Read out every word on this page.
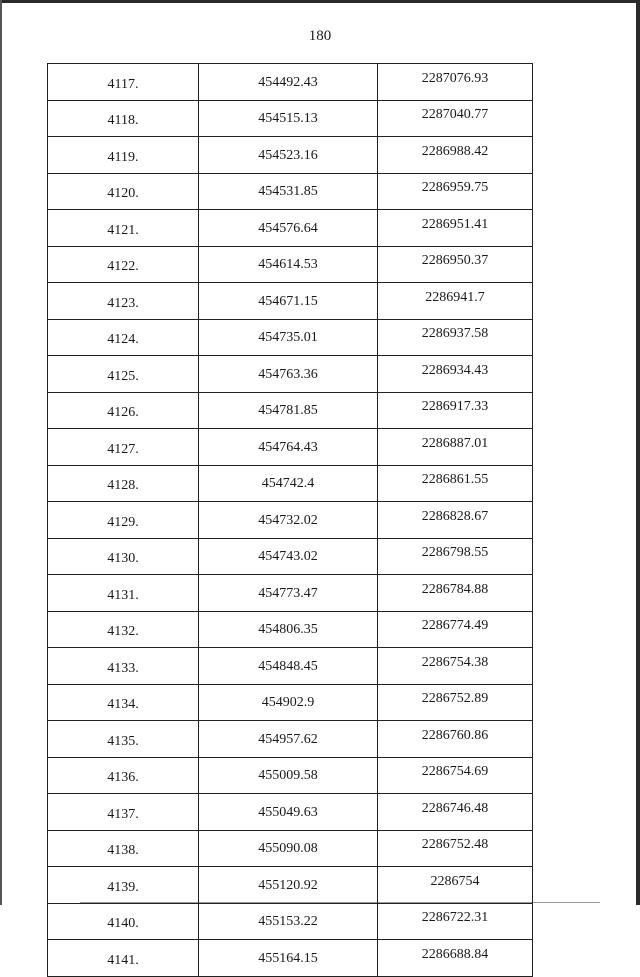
180
4117.	454492.43	2287076.93
4118.	454515.13	2287040.77
4119.	454523.16	2286988.42
4120.	454531.85	2286959.75
4121.	454576.64	2286951.41
4122.	454614.53	2286950.37
4123.	454671.15	2286941.7
4124.	454735.01	2286937.58
4125.	454763.36	2286934.43
4126.	454781.85	2286917.33
4127.	454764.43	2286887.01
4128.	454742.4	2286861.55
4129.	454732.02	2286828.67
4130.	454743.02	2286798.55
4131.	454773.47	2286784.88
4132.	454806.35	2286774.49
4133.	454848.45	2286754.38
4134.	454902.9	2286752.89
4135.	454957.62	2286760.86
4136.	455009.58	2286754.69
4137.	455049.63	2286746.48
4138.	455090.08	2286752.48
4139.	455120.92	2286754
4140.	455153.22	2286722.31
4141.	455164.15	2286688.84
